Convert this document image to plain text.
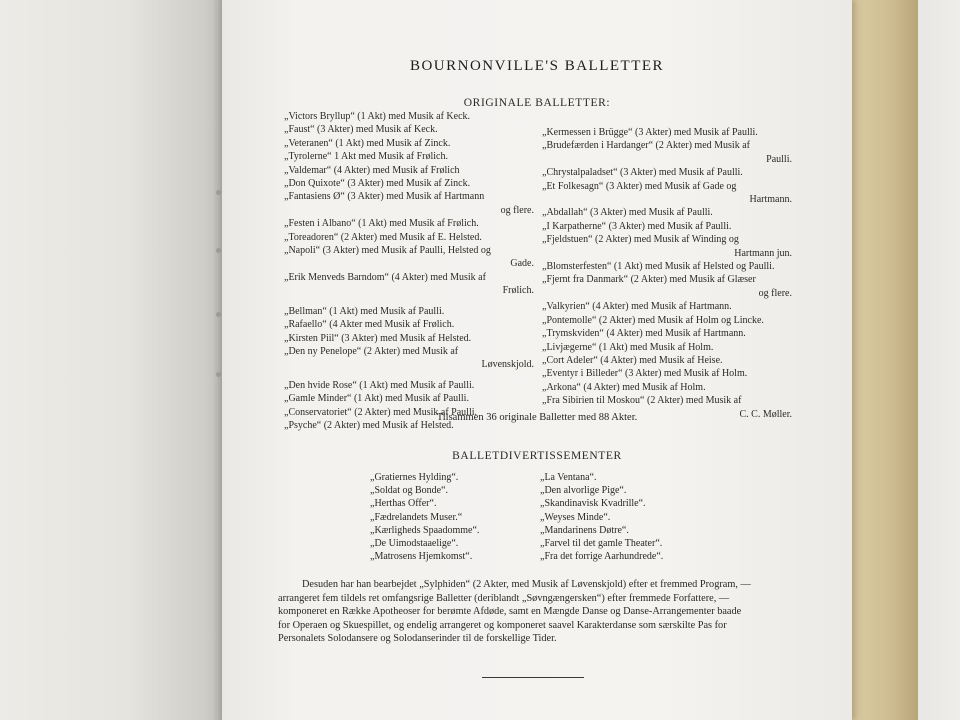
BOURNONVILLE'S BALLETTER
ORIGINALE BALLETTER:
„Victors Bryllup“ (1 Akt) med Musik af Keck.
„Faust“ (3 Akter) med Musik af Keck.
„Veteranen“ (1 Akt) med Musik af Zinck.
„Tyrolerne“ 1 Akt med Musik af Frølich.
„Valdemar“ (4 Akter) med Musik af Frølich
„Don Quixote“ (3 Akter) med Musik af Zinck.
„Fantasiens Ø“ (3 Akter) med Musik af Hartmann
og flere.
„Festen i Albano“ (1 Akt) med Musik af Frølich.
„Toreadoren“ (2 Akter) med Musik af E. Helsted.
„Napoli“ (3 Akter) med Musik af Paulli, Helsted og
Gade.
„Erik Menveds Barndom“ (4 Akter) med Musik af
Frølich.
„Bellman“ (1 Akt) med Musik af Paulli.
„Rafaello“ (4 Akter med Musik af Frølich.
„Kirsten Piil“ (3 Akter) med Musik af Helsted.
„Den ny Penelope“ (2 Akter) med Musik af
Løvenskjold.
„Den hvide Rose“ (1 Akt) med Musik af Paulli.
„Gamle Minder“ (1 Akt) med Musik af Paulli.
„Conservatoriet“ (2 Akter) med Musik af Paulli.
„Psyche“ (2 Akter) med Musik af Helsted.
„Kermessen i Brügge“ (3 Akter) med Musik af Paulli.
„Brudefærden i Hardanger“ (2 Akter) med Musik af
Paulli.
„Chrystalpaladset“ (3 Akter) med Musik af Paulli.
„Et Folkesagn“ (3 Akter) med Musik af Gade og
Hartmann.
„Abdallah“ (3 Akter) med Musik af Paulli.
„I Karpatherne“ (3 Akter) med Musik af Paulli.
„Fjeldstuen“ (2 Akter) med Musik af Winding og
Hartmann jun.
„Blomsterfesten“ (1 Akt) med Musik af Helsted og Paulli.
„Fjernt fra Danmark“ (2 Akter) med Musik af Glæser
og flere.
„Valkyrien“ (4 Akter) med Musik af Hartmann.
„Pontemolle“ (2 Akter) med Musik af Holm og Lincke.
„Trymskviden“ (4 Akter) med Musik af Hartmann.
„Livjægerne“ (1 Akt) med Musik af Holm.
„Cort Adeler“ (4 Akter) med Musik af Heise.
„Eventyr i Billeder“ (3 Akter) med Musik af Holm.
„Arkona“ (4 Akter) med Musik af Holm.
„Fra Sibirien til Moskou“ (2 Akter) med Musik af
C. C. Møller.
Tilsammen 36 originale Balletter med 88 Akter.
BALLETDIVERTISSEMENTER
„Gratiernes Hylding“.
„Soldat og Bonde“.
„Herthas Offer“.
„Fædrelandets Muser.“
„Kærligheds Spaadomme“.
„De Uimodstaaelige“.
„Matrosens Hjemkomst“.
„La Ventana“.
„Den alvorlige Pige“.
„Skandinavisk Kvadrille“.
„Weyses Minde“.
„Mandarinens Døtre“.
„Farvel til det gamle Theater“.
„Fra det forrige Aarhundrede“.
Desuden har han bearbejdet „Sylphiden“ (2 Akter, med Musik af Løvenskjold) efter et fremmed Program, —
arrangeret fem tildels ret omfangsrige Balletter (deriblandt „Søvngængersken“) efter fremmede Forfattere, —
komponeret en Række Apotheoser for berømte Afdøde, samt en Mængde Danse og Danse-Arrangementer baade
for Operaen og Skuespillet, og endelig arrangeret og komponeret saavel Karakterdanse som særskilte Pas for
Personalets Solodansere og Solodanserinder til de forskellige Tider.
